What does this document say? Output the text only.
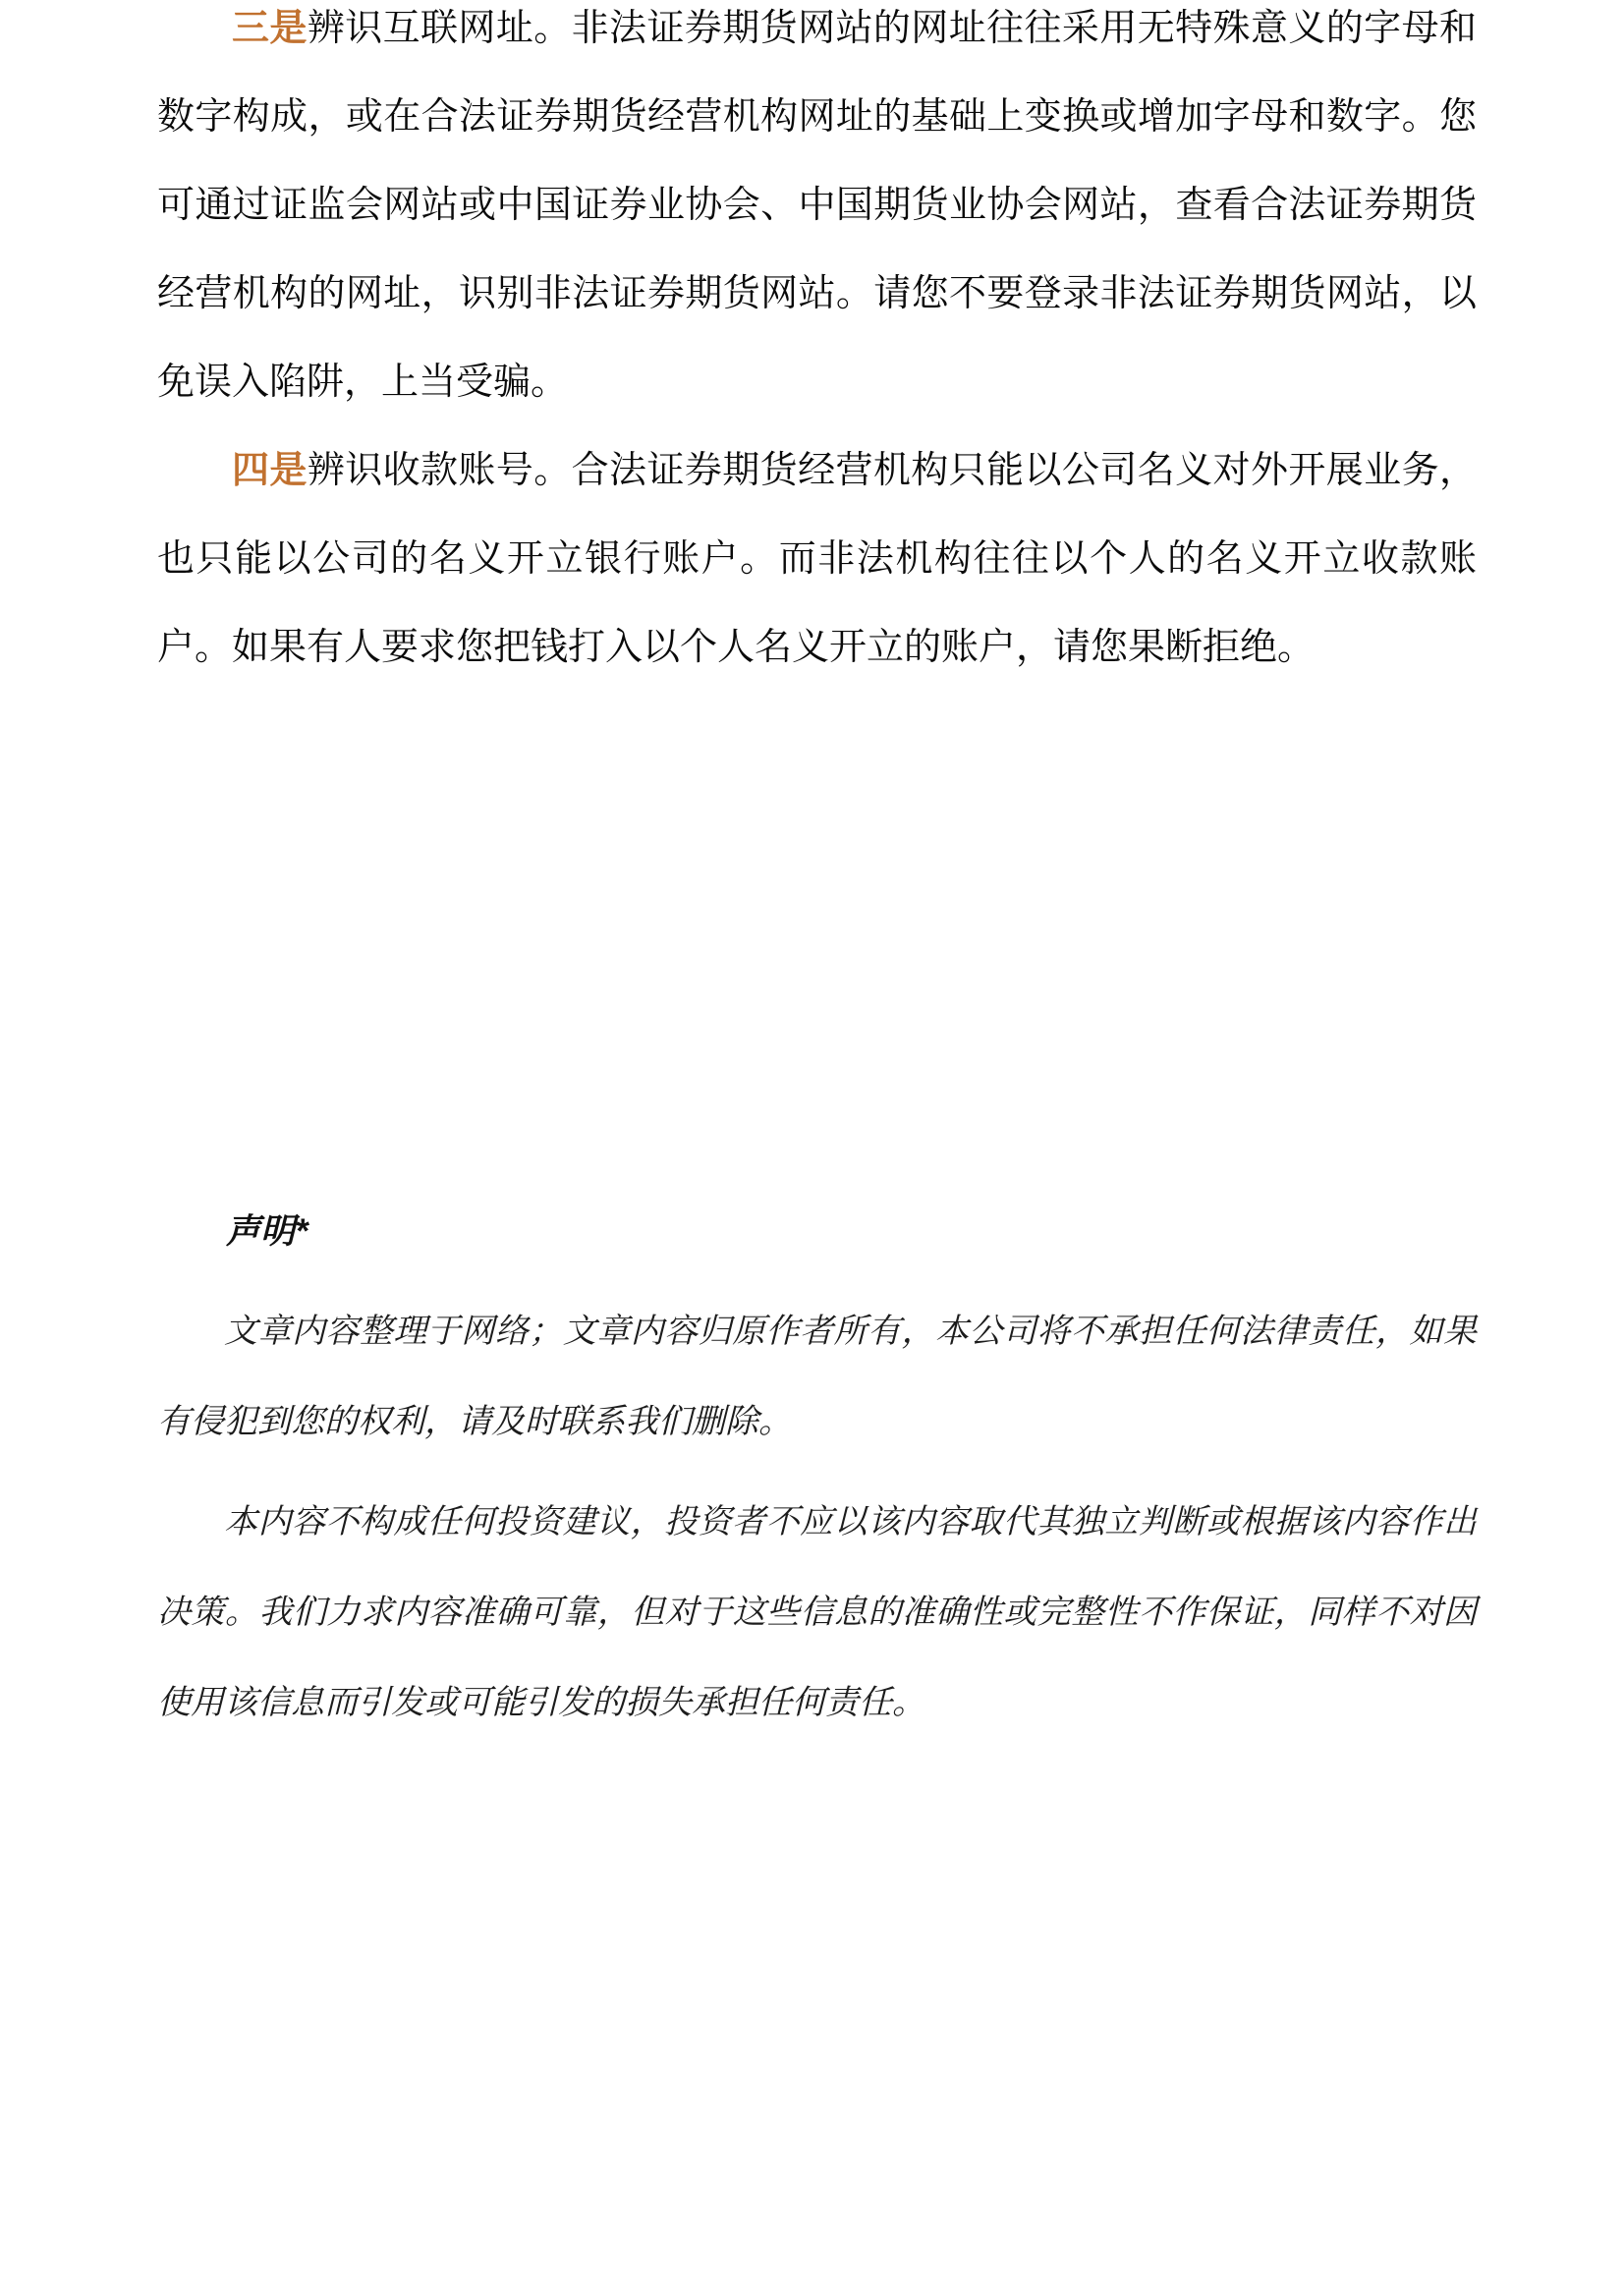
三是辨识互联网址。非法证券期货网站的网址往往采用无特殊意义的字母和数字构成，或在合法证券期货经营机构网址的基础上变换或增加字母和数字。您可通过证监会网站或中国证券业协会、中国期货业协会网站，查看合法证券期货经营机构的网址，识别非法证券期货网站。请您不要登录非法证券期货网站，以免误入陷阱，上当受骗。

四是辨识收款账号。合法证券期货经营机构只能以公司名义对外开展业务，也只能以公司的名义开立银行账户。而非法机构往往以个人的名义开立收款账户。如果有人要求您把钱打入以个人名义开立的账户，请您果断拒绝。

声明*

文章内容整理于网络；文章内容归原作者所有，本公司将不承担任何法律责任，如果有侵犯到您的权利，请及时联系我们删除。

本内容不构成任何投资建议，投资者不应以该内容取代其独立判断或根据该内容作出决策。我们力求内容准确可靠，但对于这些信息的准确性或完整性不作保证，同样不对因使用该信息而引发或可能引发的损失承担任何责任。
